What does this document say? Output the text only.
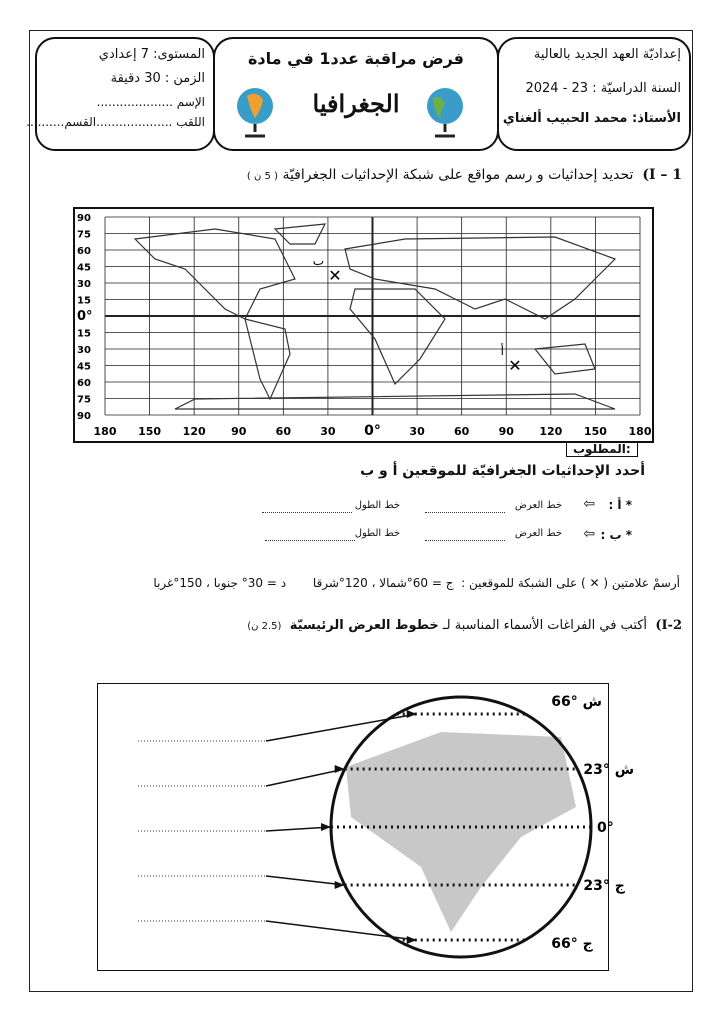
إعداديّة العهد الجديد بالعالية
السنة الدراسيّة : 23 - 2024
الأستاذ: محمد الحبيب ألغناي
فرض مراقبة عدد1 في مادة
الجغرافيا
المستوى: 7 إعدادي
الزمن : 30 دقيقة
الإسم ....................
اللقب ....................القسم..........
I – 1)  تحديد إحداثيات و رسم مواقع على شبكة الإحداثيات الجغرافيّة ( 5 ن )
90
75
60
45
30
15
0°
15
30
45
60
75
90
180 150 120 90	60	30 0°	30	60	90 120 150 180
✕
ب
✕
أ
المطلوب:
أحدد الإحداثيات الجغرافيّة للموقعين أ و ب
* أ :
⇦
خط العرض
خط الطول
* ب :
⇦
خط العرض
خط الطول
أرسمْ علامتين ( ✕ ) على الشبكة للموقعين :  ج = 60°شمالا ، 120°شرقا       د = 30° جنوبا ، 150°غربا
I-2)  أكتب في الفراغات الأسماء المناسبة لـ خطوط العرض الرئيسيّة  (2.5 ن)
66° ش
23° ش
0°
23° ج
66° ج
